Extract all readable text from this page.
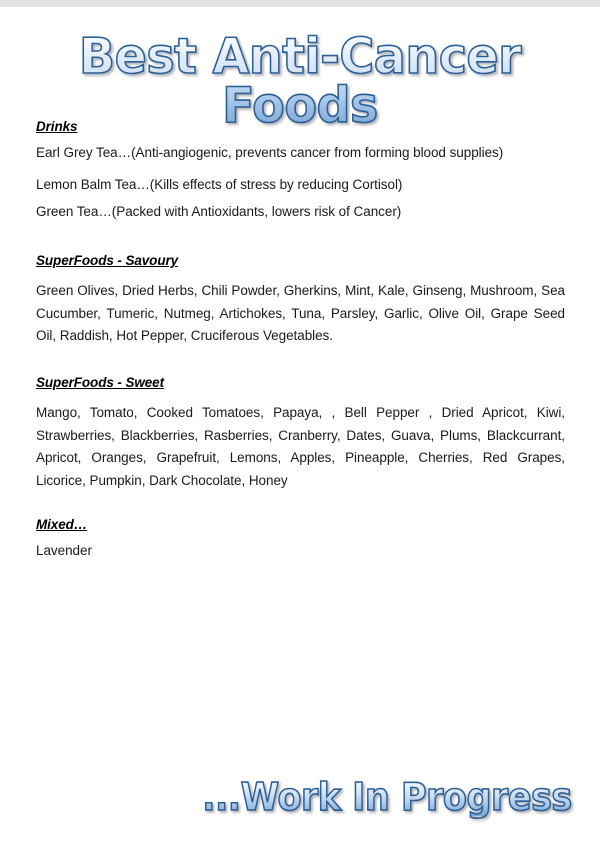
Best Anti-Cancer Foods
Drinks
Earl Grey Tea…(Anti-angiogenic, prevents cancer from forming blood supplies)
Lemon Balm Tea…(Kills effects of stress by reducing Cortisol)
Green Tea…(Packed with Antioxidants, lowers risk of Cancer)
SuperFoods - Savoury
Green Olives, Dried Herbs, Chili Powder, Gherkins, Mint, Kale, Ginseng, Mushroom, Sea Cucumber, Tumeric, Nutmeg, Artichokes, Tuna, Parsley, Garlic, Olive Oil, Grape Seed Oil, Raddish, Hot Pepper, Cruciferous Vegetables.
SuperFoods - Sweet
Mango, Tomato, Cooked Tomatoes, Papaya, , Bell Pepper , Dried Apricot, Kiwi, Strawberries, Blackberries, Rasberries, Cranberry, Dates, Guava, Plums, Blackcurrant, Apricot, Oranges, Grapefruit, Lemons, Apples, Pineapple, Cherries, Red Grapes, Licorice, Pumpkin, Dark Chocolate, Honey
Mixed…
Lavender
...Work In Progress
